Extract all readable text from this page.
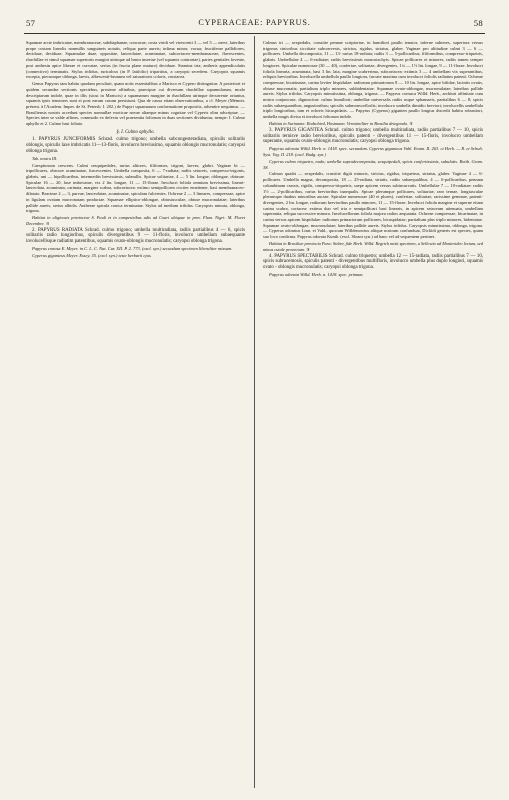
57	CYPERACEAE: PAPYRUS.	58

Squamae arcte imbricatae, membranaceae, subdiaphanae, concavae, costa viridi vel virescenti 3 — vel 5 — nervi, lateribus prope costam lineolis nonnullis sanguineis notatis, reliqua parte aureis; infima minor, vacua; fructiferae pallidiores, deciduae, deciduae. Squamulae duae, oppositae, lanceolatae, acuminatae, subcoriaceo-membranaceae, flavescentes, rhachillae et simul squamae superioris margini utrinque ad basin insertae (vel squamis contrariae), partes genitales fovente, post anthesin apice liberae et curvatae, serius (in fructu plane maturo) deciduae. Stamina tria; antheris appendiculatis (connectivo) terminatis. Stylus trifidus, ruricalcus (in P. latifolio) tripartitus, a caryopsi secedens. Caryopsis squamis excepta, piecumque oblonga, laevis, albescenti-brunnea vel saturatioris coloris, crustacea.

Genus Papyrus tam habitu quodam peculiari, quam notis essentialibus a Marisco et Cypero distinguitur. A posteriori et quidem secundae sectionis speciebus, proxime affinibus, praecipue cui diversum rhachillae squamularum, modo descriptarum indole, quae in illis (sicut in Mariscis) a squamarum margine in rhachillam utrinque decurrente oriuntur, squamis ipsis tenuiores sunt et post earum casum persistunt. Qua de causa etiam observationibus, a cl. Meyer (Mémoir. présent. à l'Academ. Imper. de St. Petersb. I. 202.) de Papyri squamarum conformatione propositis, adsentire nequimus. — Brasiliensis nostris accedunt species nonnullae exoticae novae aliaeque minus cognitae vel Cyperis olim adscriptae. — Species inter se valde affines, commodo ex defectu vel praesentia foliorum in duas sectiones dividuntur, nempe: I. Culmo aphyllo et 2. Culmo basi foliato.

§. I. Culmo aphyllo.

1. PAPYRUS JUNCIFORMIS Schrad. culmo trigono; umbella subcongesteradiata, spiculis solitariis oblongis, spiculis laxe imbricatis 11—13-floris, involucro breviusimo, squamis oblongis mucronulatis; caryopsi oblonga trigona.

Tab. nostra III.

Caespitosum crescens. Culmi sesquipedales, rarius altiores, filiformes, trigoni, laeves, glabri. Vaginae bi — tripollicares, obscure acuminatae, fuscescentes. Umbella composita, 6 — 7-radiata; radiis setaceis, compresso-trigonis, glabris, uni — bipollicaribus, intermediis brevissimis, subnullis. Spicae solitariae, 4 — 5 lin. longae, oblongae, obtusae. Spiculae 16 — 20, laxe imbricatae, vix 2 lin. longae, 11 — 13-florae. Involucri foliola omnium brevissima, lineari-lanceolata, acuminata, carinata, margine scabra, subcoriacea: extimo semipollicem circiter emetiente, basi membranaceo-dilatato. Bracteae 2 — 3, parvae, lanceolatae, acuminatae, spiculam fulcientes. Ochreae 2 — 3 lineares, compressae, apice in ligulam ovatam mucronatam productae. Squamae elliptico-oblongae, obtusiusculae, obtuse mucronulatae; lateribus pallide aureis, serius albidis. Antherae spicula conica terminatae. Stylus ad medium trifidus. Caryopsis minuta, oblonga, trigona.

Habitat in uliginosis provinciae S. Pauli et in campestribus udis ad Coari ubiquae in prov. Flum. Nigri: M. Floret Decembre. ♃

2. PAPYRUS RADIATA Schrad. culmo trigono; umbella multiradiata, radiis partialibus 4 — 6, spicis solitariis radio longioribus, spiculis divergentibus 9 — 11-floris, involucro umbellam subaequante involucellisque radiatim patentibus, squamis ovato-oblongis mucronulatis; caryopsi oblonga trigona.

Papyrus conosa E. Meyer. in C. L. C. Nat. Cur. XII. P. 2. 773. (excl. syn.) secundum specimen liberaliter missum.

Cyperus giganteus Meyer. Essey. 35. (excl. syn.) teste herbarii ejus.

Culmus tri — sexpedalis, crassitie pennae scriptoriae, in humiliori paullo tenuior, inferne subteres, superiora versus trigonus cinicribus sicciitate subconvexis, strictus, rigidus, striatus, glaber. Vaginae pro altitudine culmi 3 — 6 — pollicares. Umbella decomposita, 11 — 13- rarius 18-radiata; radiis 3 — 5-pollicaribus, filiformibus, compresso-triquetris, glabris. Umbellulae 4 — 6-radiatae; radiis brevissimis monostachyis. Spicae pollicares et minores, radiis tamen semper longiores. Spiculae numerosae (30 — 40), confertae, solitariae, divergentes, 1¼ — 1½ lin. longae, 9 — 11-florae. Involucri foliola linearia, acuminata, basi 3 lin. lata, margine scabrerima, subcoriacea: extimis 3 — 4 umbellam vix superantibus, reliquis brevioribus. Involucella umbellula paullo longiora, furcate maxima cum involucri foliolis radiatim patenti. Ochreae compressae, bicarinatae, carina leviter hispidulae: radiorum primariorum 8 — 10 lin. longae, apice bifidae, laciniis ovatis, obtuse mucronatis; partialium triplo minores, subbidentatae. Squamae ovato-oblongae, mucronulatae; lateribus pallide aureis. Stylus trifidus. Caryopsis minutissima, oblonga, trigona. — Papyrus cornuca Willd. Herb., archiuri affinitate cum nostra conjuncuse, dignoscitur: culmo humiliori; umbellae universalis radiis usque sphamaeis, partialibus 6 — 8; spicis radiis subaequantibus, angustioribus; spiculis submonvorflorlis; involucro umbella dimidio breviori; involucellis umbellula triplo longioribus, tam et ochreis bicuspidatis. — Papyrus (Cyperus) giganten paullo longius discedit habitu robustiori, umbella magis divisa et involucri foliorum indole.

Habitat in Surinamo: Rodschied, Hostmann. Verosimiliter in Brasilia detegenda. ♃

3. PAPYRUS GIGANTEA Schrad. culmo trigono; umbella multiradiata, radiis partialibus 7 — 10, spicis solitariis ternisve radio brevioribus, spiculis patenti - divergentibus 11 — 15-floris, involucro umbellam superante, squamis ovato-oblongis mucronulatis; caryopsi oblonga trigona.

Papyrus odorata Willd. Herb. n. 1418. spec. secundum. Cyperus giganteus Vahl. Enum. II. 263. et Herb. — R. et Schult. Syst. Veg. II. 218. (excl. Budg. syn.)

Cyperus culmo triquetro, nudo; umbella supradecomposita, sesquipedali, spicis confertissimis, subulatis. Rottb. Gram. 38.

Culmus quadri — sexpedalis, crassitie digiti minoris, strictus, rigidus, triquetrus, striatus, glaber. Vaginae 4 — 6-pollicares. Umbella magna, decomposita, 18 — 25-radiata, striatis, radiis subaequalibus, 4 — 6-pollicaribus, pennam columbinam crassis, rigidis, compresso-triquetris, saepe apicem versus subincurvatis. Umbellulae 7 — 10-radiatae: radiis 1½ — 2-pollicaribus, rarius brevioribus inaequalis. Spicae plerumque pollicares, solitariae, raro ternae, longiusculae plerumque duabus minoribus auctae. Spiculae numerosae (40 et plures), confertae, solitariae, rarissime geminae, patenti-divergentes, 2 lin. longae, radiorum brevioribus paullo minores, 11 — 15-florae. Involucri foliola margine et superne etiam carina scabra, coriacea: extima duo vel tria e semipollicari basi linearis, in apicem setaceum attenuata, umbellam superantia, reliqua successive minora. Involucellorum foliola majora radios aequantia. Ochreae compressae, bicarinatae, in carina versus apicem hispidulae: radiorum primariorum pollicares, bicuspidatae; partialium plus triplo minores, bidentatae. Squamae ovato-oblongae, mucronulatae; lateribus pallide aureis. Stylus trifidus. Caryopsis minutissima, oblonga, trigona. — Cyperus odoratus Linn. et Vahl., quocum Willdenowius aliique nostram confunduat, Dicliidi generis est species, quam suo loco confirma. Papyrus odorata Kunth. (excl. Sloani syn.) ad hanc vel ad sequentem pertinet.

Habitat in Brasiliae provincia Para: Sieber, fide Herb. Willd. Regrich misit specimen, a Sellowio ad Montevideo lectum, sed minus cutale provectum. ♃

4. PAPYRUS SPECTABILIS Schrad. culmo triquetro; umbella 12 — 15-radiata, radiis partialibus 7 — 10, spicis subracemosis, spiculis patenti - divergentibus multifloris, involucro umbella plus duplo longiori, squamis ovato - oblongis mucronulatis; caryopsi oblonga trigona.

Papyrus odorata Willd. Herb. n. 1418. spec. primum.
